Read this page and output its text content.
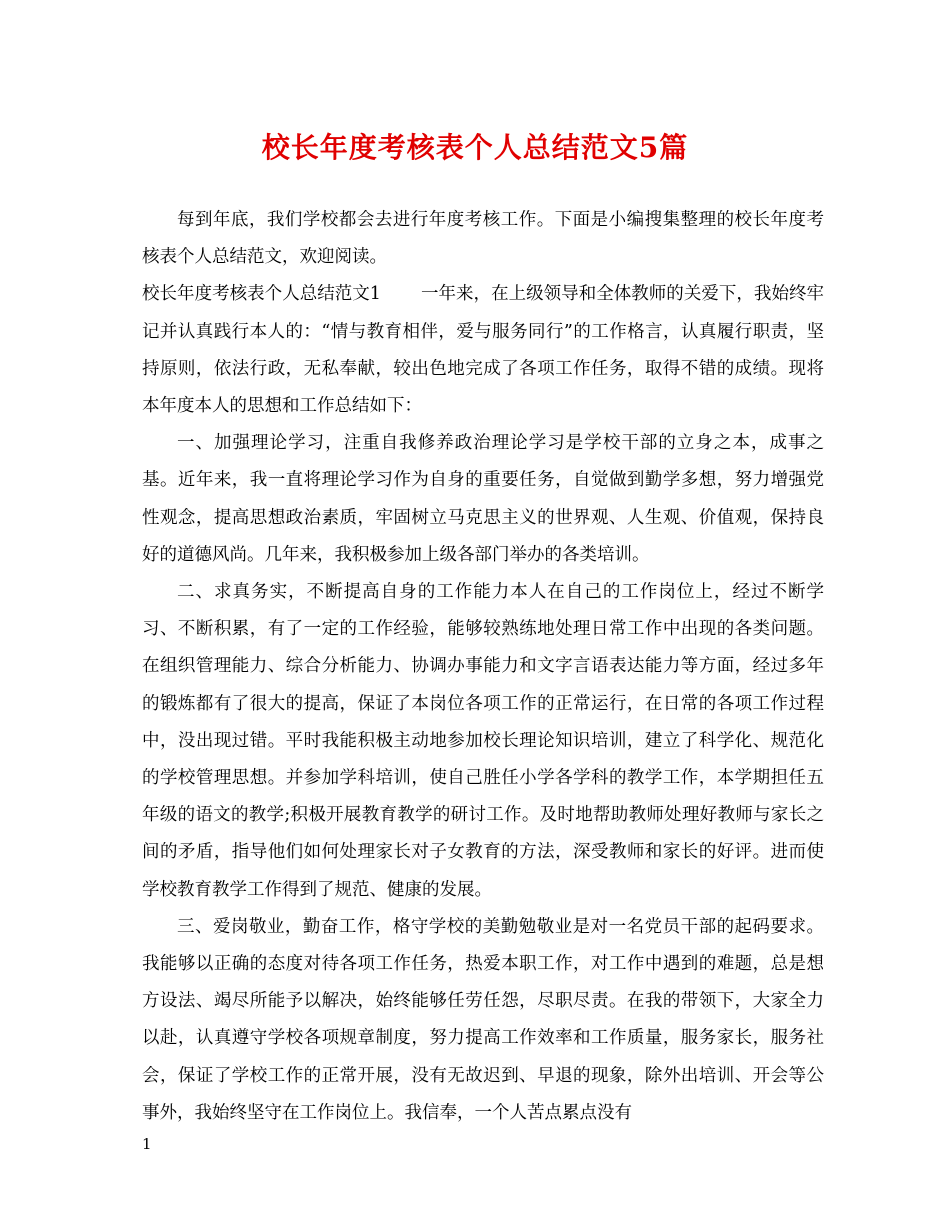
校长年度考核表个人总结范文5篇

每到年底，我们学校都会去进行年度考核工作。下面是小编搜集整理的校长年度考核表个人总结范文，欢迎阅读。

校长年度考核表个人总结范文1 一年来，在上级领导和全体教师的关爱下，我始终牢记并认真践行本人的：“情与教育相伴，爱与服务同行”的工作格言，认真履行职责，坚持原则，依法行政，无私奉献，较出色地完成了各项工作任务，取得不错的成绩。现将本年度本人的思想和工作总结如下：

一、加强理论学习，注重自我修养政治理论学习是学校干部的立身之本，成事之基。近年来，我一直将理论学习作为自身的重要任务，自觉做到勤学多想，努力增强党性观念，提高思想政治素质，牢固树立马克思主义的世界观、人生观、价值观，保持良好的道德风尚。几年来，我积极参加上级各部门举办的各类培训。

二、求真务实，不断提高自身的工作能力本人在自己的工作岗位上，经过不断学习、不断积累，有了一定的工作经验，能够较熟练地处理日常工作中出现的各类问题。在组织管理能力、综合分析能力、协调办事能力和文字言语表达能力等方面，经过多年的锻炼都有了很大的提高，保证了本岗位各项工作的正常运行，在日常的各项工作过程中，没出现过错。平时我能积极主动地参加校长理论知识培训，建立了科学化、规范化的学校管理思想。并参加学科培训，使自己胜任小学各学科的教学工作，本学期担任五年级的语文的教学;积极开展教育教学的研讨工作。及时地帮助教师处理好教师与家长之间的矛盾，指导他们如何处理家长对子女教育的方法，深受教师和家长的好评。进而使学校教育教学工作得到了规范、健康的发展。

三、爱岗敬业，勤奋工作，格守学校的美勤勉敬业是对一名党员干部的起码要求。我能够以正确的态度对待各项工作任务，热爱本职工作，对工作中遇到的难题，总是想方设法、竭尽所能予以解决，始终能够任劳任怨，尽职尽责。在我的带领下，大家全力以赴，认真遵守学校各项规章制度，努力提高工作效率和工作质量，服务家长，服务社会，保证了学校工作的正常开展，没有无故迟到、早退的现象，除外出培训、开会等公事外，我始终坚守在工作岗位上。我信奉，一个人苦点累点没有

1
